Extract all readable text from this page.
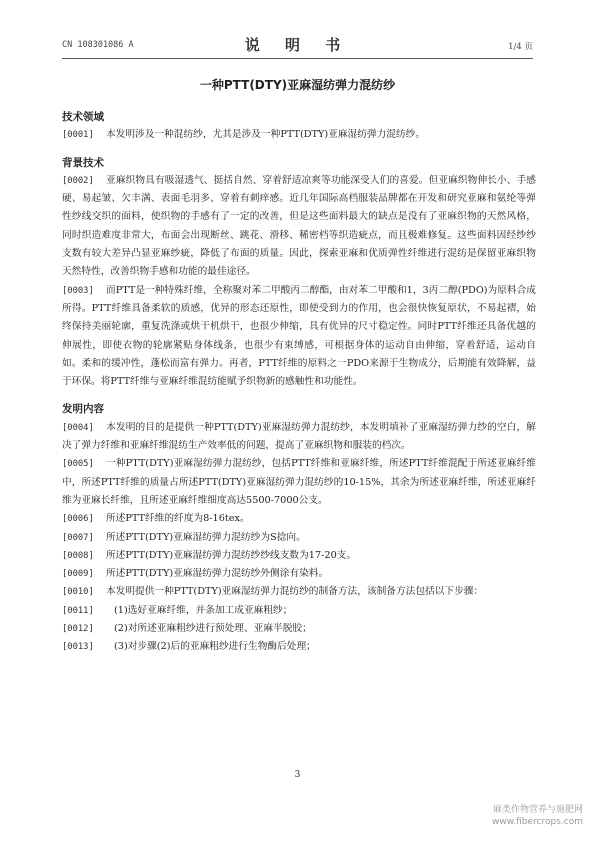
CN 108301086 A	说 明 书	1/4 页
一种PTT(DTY)亚麻湿纺弹力混纺纱

技术领域

[0001] 本发明涉及一种混纺纱，尤其是涉及一种PTT(DTY)亚麻湿纺弹力混纺纱。

背景技术

[0002] 亚麻织物具有吸湿透气、挺括自然、穿着舒适凉爽等功能深受人们的喜爱。但亚麻织物伸长小、手感硬、易起皱、欠丰满、表面毛羽多、穿着有刺痒感。近几年国际高档服装品牌都在开发和研究亚麻和氨纶等弹性纱线交织的面料，使织物的手感有了一定的改善，但是这些面料最大的缺点是没有了亚麻织物的天然风格，同时织造难度非常大，布面会出现断丝、跳花、滑移、稀密档等织造疵点，而且极难修复。这些面料因经纱纱支数有较大差异凸显亚麻纱疵，降低了布面的质量。因此，探索亚麻和优质弹性纤维进行混纺是保留亚麻织物天然特性，改善织物手感和功能的最佳途径。

[0003] 而PTT是一种特殊纤维，全称聚对苯二甲酸丙二醇酯，由对苯二甲酸和1，3丙二醇(PDO)为原料合成所得。PTT纤维具备柔软的质感，优异的形态还原性，即使受到力的作用，也会很快恢复原状，不易起褶，始终保持美丽轮廓，重复洗涤或烘干机烘干，也很少伸缩，具有优异的尺寸稳定性。同时PTT纤维还具备优越的伸展性，即使衣物的轮廓紧贴身体线条，也很少有束缚感，可根据身体的运动自由伸缩，穿着舒适，运动自如。柔和的缓冲性，蓬松而富有弹力。再者，PTT纤维的原料之一PDO来源于生物成分，后期能有效降解，益于环保。将PTT纤维与亚麻纤维混纺能赋予织物新的感触性和功能性。

发明内容

[0004] 本发明的目的是提供一种PTT(DTY)亚麻湿纺弹力混纺纱，本发明填补了亚麻湿纺弹力纱的空白，解决了弹力纤维和亚麻纤维混纺生产效率低的问题，提高了亚麻织物和服装的档次。

[0005] 一种PTT(DTY)亚麻湿纺弹力混纺纱，包括PTT纤维和亚麻纤维，所述PTT纤维混配于所述亚麻纤维中，所述PTT纤维的质量占所述PTT(DTY)亚麻湿纺弹力混纺纱的10-15%，其余为所述亚麻纤维，所述亚麻纤维为亚麻长纤维，且所述亚麻纤维细度高达5500-7000公支。

[0006] 所述PTT纤维的纤度为8-16tex。

[0007] 所述PTT(DTY)亚麻湿纺弹力混纺纱为S捻向。

[0008] 所述PTT(DTY)亚麻湿纺弹力混纺纱纱线支数为17-20支。

[0009] 所述PTT(DTY)亚麻湿纺弹力混纺纱外侧涂有染料。

[0010] 本发明提供一种PTT(DTY)亚麻湿纺弹力混纺纱的制备方法，该制备方法包括以下步骤：

[0011] (1)选好亚麻纤维，并条加工成亚麻粗纱；

[0012] (2)对所述亚麻粗纱进行预处理、亚麻半脱胶；

[0013] (3)对步骤(2)后的亚麻粗纱进行生物酶后处理；

3
麻类作物营养与施肥网
www.fibercrops.com
